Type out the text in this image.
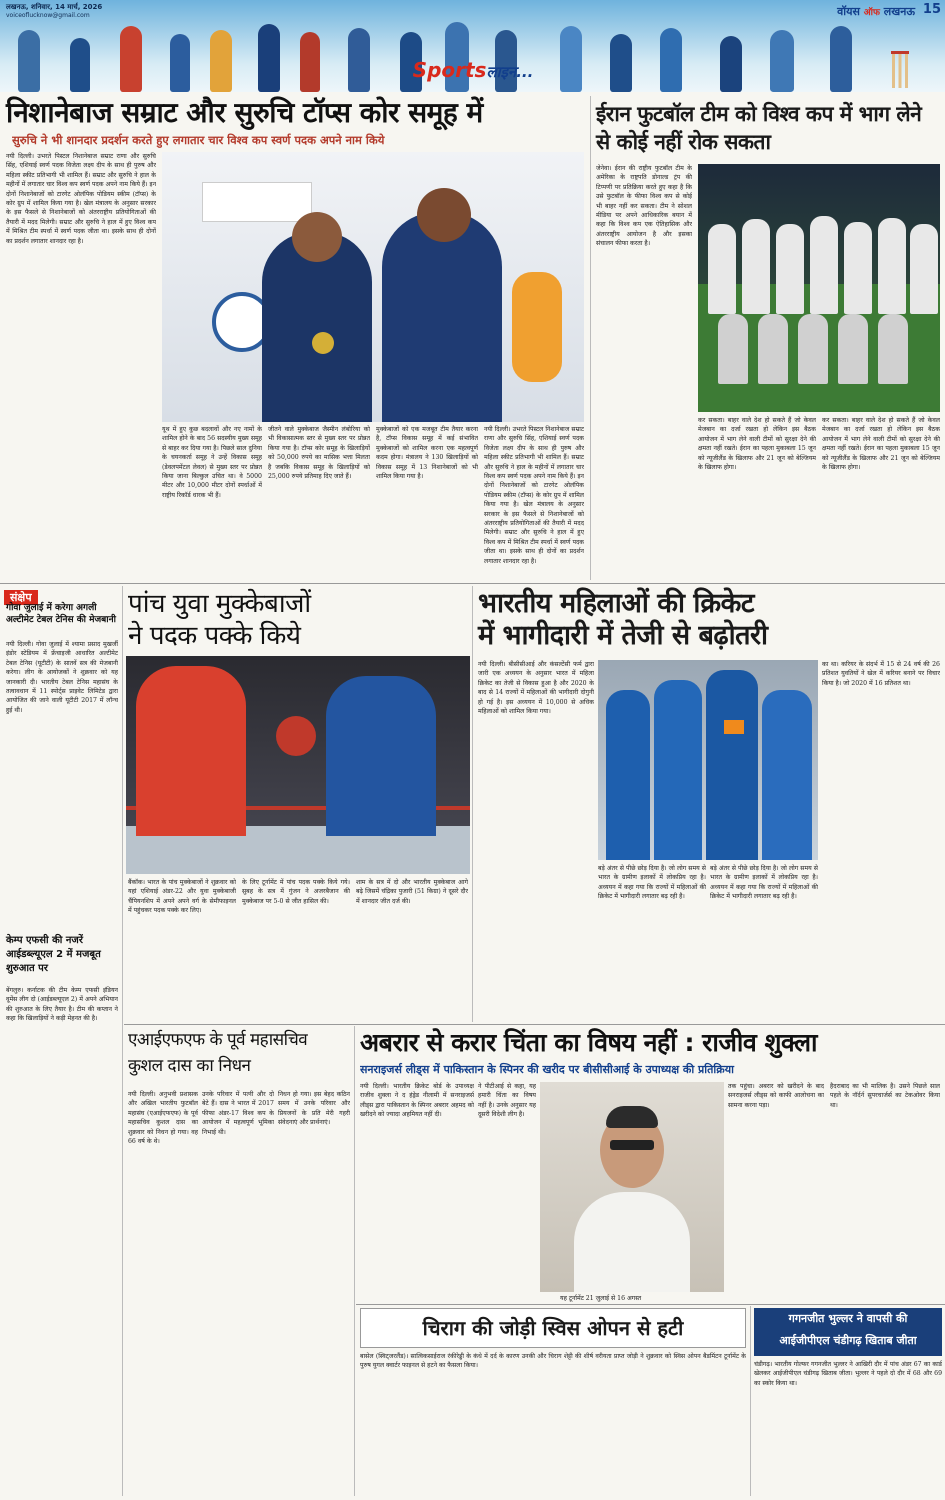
लखनऊ, शनिवार, 14 मार्च, 2026
voiceoflucknow@gmail.com	वॉयस ऑफ लखनऊ 15
Sportsलाइन...
निशानेबाज सम्राट और सुरुचि टॉप्स कोर समूह में
सुरुचि ने भी शानदार प्रदर्शन करते हुए लगातार चार विश्व कप स्वर्ण पदक अपने नाम किये
नयी दिल्ली। उभरते पिस्टल निशानेबाज सम्राट राणा और सुरुचि सिंह, एशियाई स्वर्ण पदक विजेता लक्ष्य दीप के साथ ही पुरुष और महिला स्कीट प्रतिभागी भी शामिल हैं। सम्राट और सुरुचि ने हाल के महीनों में लगातार चार विश्व कप स्वर्ण पदक अपने नाम किये हैं। इन दोनों निशानेबाजों को टारगेट ओलंपिक पोडियम स्कीम (टॉप्स) के कोर ग्रुप में शामिल किया गया है। खेल मंत्रालय के अनुसार सरकार के इस फैसले से निशानेबाजों को अंतरराष्ट्रीय प्रतियोगिताओं की तैयारी में मदद मिलेगी। सम्राट और सुरुचि ने हाल में हुए विश्व कप में मिश्रित टीम स्पर्धा में स्वर्ण पदक जीता था। इसके साथ ही दोनों का प्रदर्शन लगातार शानदार रहा है।
यूथ में हुए कुछ बदलावों और नए नामों के शामिल होने के बाद 56 सदस्यीय मुख्य समूह से बाहर कर दिया गया है। पिछले साल दुनिया के चयनकर्ता समूह ने उन्हें विकास समूह (डेवलपमेंटल लेवल) से मुख्य स्तर पर प्रोन्नत किया जाना बिल्कुल उचित था। वे 5000 मीटर और 10,000 मीटर दोनों स्पर्धाओं में राष्ट्रीय रिकॉर्ड धारक भी हैं।
जीतने वाले मुक्केबाज जैस्मीन लंबोरिया को भी विकासात्मक स्तर से मुख्य स्तर पर प्रोन्नत किया गया है। टॉप्स कोर समूह के खिलाड़ियों को 50,000 रुपये का मासिक भत्ता मिलता है जबकि विकास समूह के खिलाड़ियों को 25,000 रुपये प्रतिमाह दिए जाते हैं।
मुक्केबाजों को एक मजबूत टीम तैयार करना है, टॉप्स विकास समूह में कई संभावित मुक्केबाजों को शामिल करना एक महत्वपूर्ण कदम होगा। मंत्रालय ने 130 खिलाड़ियों को विकास समूह में 13 निशानेबाजों को भी शामिल किया गया है।
नयी दिल्ली। उभरते पिस्टल निशानेबाज सम्राट राणा और सुरुचि सिंह, एशियाई स्वर्ण पदक विजेता लक्ष्य दीप के साथ ही पुरुष और महिला स्कीट प्रतिभागी भी शामिल हैं। सम्राट और सुरुचि ने हाल के महीनों में लगातार चार विश्व कप स्वर्ण पदक अपने नाम किये हैं। इन दोनों निशानेबाजों को टारगेट ओलंपिक पोडियम स्कीम (टॉप्स) के कोर ग्रुप में शामिल किया गया है। खेल मंत्रालय के अनुसार सरकार के इस फैसले से निशानेबाजों को अंतरराष्ट्रीय प्रतियोगिताओं की तैयारी में मदद मिलेगी। सम्राट और सुरुचि ने हाल में हुए विश्व कप में मिश्रित टीम स्पर्धा में स्वर्ण पदक जीता था। इसके साथ ही दोनों का प्रदर्शन लगातार शानदार रहा है।
ईरान फुटबॉल टीम को विश्व कप में भाग लेने से कोई नहीं रोक सकता
जेनेवा। ईरान की राष्ट्रीय फुटबॉल टीम के अमेरिका के राष्ट्रपति डोनाल्ड ट्रंप की टिप्पणी पर प्रतिक्रिया करते हुए कहा है कि उसे फुटबॉल के फीफा विश्व कप से कोई भी बाहर नहीं कर सकता। टीम ने सोशल मीडिया पर अपने आधिकारिक बयान में कहा कि विश्व कप एक ऐतिहासिक और अंतरराष्ट्रीय आयोजन है और इसका संचालन फीफा करता है।
कर सकता। बाहर वाले देश हो सकते हैं जो केवल मेजबान का दर्जा रखता हो लेकिन इस बैठक आयोजन में भाग लेने वाली टीमों को सुरक्षा देने की क्षमता नहीं रखते। ईरान का पहला मुकाबला 15 जून को न्यूजीलैंड के खिलाफ और 21 जून को बेल्जियम के खिलाफ होगा।
कर सकता। बाहर वाले देश हो सकते हैं जो केवल मेजबान का दर्जा रखता हो लेकिन इस बैठक आयोजन में भाग लेने वाली टीमों को सुरक्षा देने की क्षमता नहीं रखते। ईरान का पहला मुकाबला 15 जून को न्यूजीलैंड के खिलाफ और 21 जून को बेल्जियम के खिलाफ होगा।
संक्षेप
गोवा जुलाई में करेगा अगली अल्टीमेट टेबल टेनिस की मेजबानी
नयी दिल्ली। गोवा जुलाई में श्यामा प्रसाद मुखर्जी इंडोर स्टेडियम में फ्रेंचाइजी आधारित अल्टीमेट टेबल टेनिस (यूटीटी) के सातवें सत्र की मेजबानी करेगा। लीग के आयोजकों ने शुक्रवार को यह जानकारी दी। भारतीय टेबल टेनिस महासंघ के तत्वावधान में 11 स्पोर्ट्स प्राइवेट लिमिटेड द्वारा आयोजित की जाने वाली यूटीटी 2017 में लॉन्च हुई थी।
केम्प एफसी की नजरें आईडब्ल्यूएल 2 में मजबूत शुरुआत पर
बेंगलुरु। कर्नाटक की टीम केम्प एफसी इंडियन वूमेंस लीग दो (आईडब्ल्यूएल 2) में अपने अभियान की शुरुआत के लिए तैयार है। टीम की कप्तान ने कहा कि खिलाड़ियों ने कड़ी मेहनत की है।
पांच युवा मुक्केबाजों
ने पदक पक्के किये
बैंकॉक। भारत के पांच मुक्केबाजों ने शुक्रवार को यहां एशियाई अंडर-22 और युवा मुक्केबाजी चैंपियनशिप में अपने अपने वर्ग के सेमीफाइनल में पहुंचकर पदक पक्के कर लिए।
के लिए टूर्नामेंट में पांच पदक पक्के किये गये। सुबह के सत्र में गुंजन ने अजरबैजान की मुक्केबाज पर 5-0 से जीत हासिल की।
शाम के सत्र में दो और भारतीय मुक्केबाज आगे बढ़े जिसमें चंद्रिका पुजारी (51 किग्रा) ने दूसरे दौर में शानदार जीत दर्ज की।
भारतीय महिलाओं की क्रिकेट
में भागीदारी में तेजी से बढ़ोतरी
नयी दिल्ली। बीसीसीआई और कंसल्टेंसी फर्म द्वारा जारी एक अध्ययन के अनुसार भारत में महिला क्रिकेट का तेजी से विकास हुआ है और 2020 के बाद से 14 राज्यों में महिलाओं की भागीदारी दोगुनी हो गई है। इस अध्ययन में 10,000 से अधिक महिलाओं को शामिल किया गया।
बड़े अंतर से पीछे छोड़ दिया है। जो लोग समय से भारत के ग्रामीण इलाकों में लोकप्रिय रहा है। अध्ययन में कहा गया कि राज्यों में महिलाओं की क्रिकेट में भागीदारी लगातार बढ़ रही है।
बड़े अंतर से पीछे छोड़ दिया है। जो लोग समय से भारत के ग्रामीण इलाकों में लोकप्रिय रहा है। अध्ययन में कहा गया कि राज्यों में महिलाओं की क्रिकेट में भागीदारी लगातार बढ़ रही है।
का था। करियर के संदर्भ में 15 से 24 वर्ष की 26 प्रतिशत युवतियों ने खेल में करियर बनाने पर विचार किया है। जो 2020 में 16 प्रतिशत था।
एआईएफएफ के पूर्व महासचिव
कुशल दास का निधन
नयी दिल्ली। अनुभवी प्रशासक और अखिल भारतीय फुटबॉल महासंघ (एआईएफएफ) के पूर्व महासचिव कुशल दास का शुक्रवार को निधन हो गया। वह 66 वर्ष के थे।
उनके परिवार में पत्नी और दो बेटे हैं। दास ने भारत में 2017 फीफा अंडर-17 विश्व कप के आयोजन में महत्वपूर्ण भूमिका निभाई थी।
निधन हो गया। इस बेहद कठिन समय में उनके परिवार और प्रियजनों के प्रति मेरी गहरी संवेदनाएं और प्रार्थनाएं।
अबरार से करार चिंता का विषय नहीं : राजीव शुक्ला
सनराइजर्स लीड्स में पाकिस्तान के स्पिनर की खरीद पर बीसीसीआई के उपाध्यक्ष की प्रतिक्रिया
नयी दिल्ली। भारतीय क्रिकेट बोर्ड के उपाध्यक्ष राजीव शुक्ला ने द हंड्रेड नीलामी में सनराइजर्स लीड्स द्वारा पाकिस्तान के स्पिनर अबरार अहमद को खरीदने को ज्यादा अहमियत नहीं दी।
ने पीटीआई से कहा, यह हमारी चिंता का विषय नहीं है। उनके अनुसार यह दूसरी विदेशी लीग है।
यह टूर्नामेंट 21 जुलाई से 16 अगस्त
तक पहुंचा। अबरार को खरीदने के बाद सनराइजर्स लीड्स को काफी आलोचना का सामना करना पड़ा।
हैदराबाद का भी मालिक है। उसने पिछले साल पहले के नॉर्दर्न सुपरचार्जर्स का टेकओवर किया था।
चिराग की जोड़ी स्विस ओपन से हटी
बासेल (स्विट्जरलैंड)। सात्विकसाईराज रंकीरेड्डी के कंधे में दर्द के कारण उनकी और चिराग शेट्टी की शीर्ष वरीयता प्राप्त जोड़ी ने शुक्रवार को स्विस ओपन बैडमिंटन टूर्नामेंट के पुरुष युगल क्वार्टर फाइनल से हटने का फैसला किया।
गगनजीत भुल्लर ने वापसी की
आईजीपीएल चंडीगढ़ खिताब जीता
चंडीगढ़। भारतीय गोल्फर गगनजीत भुल्लर ने आखिरी दौर में पांच अंडर 67 का कार्ड खेलकर आईजीपीएल चंडीगढ़ खिताब जीता। भुल्लर ने पहले दो दौर में 68 और 69 का स्कोर किया था।
